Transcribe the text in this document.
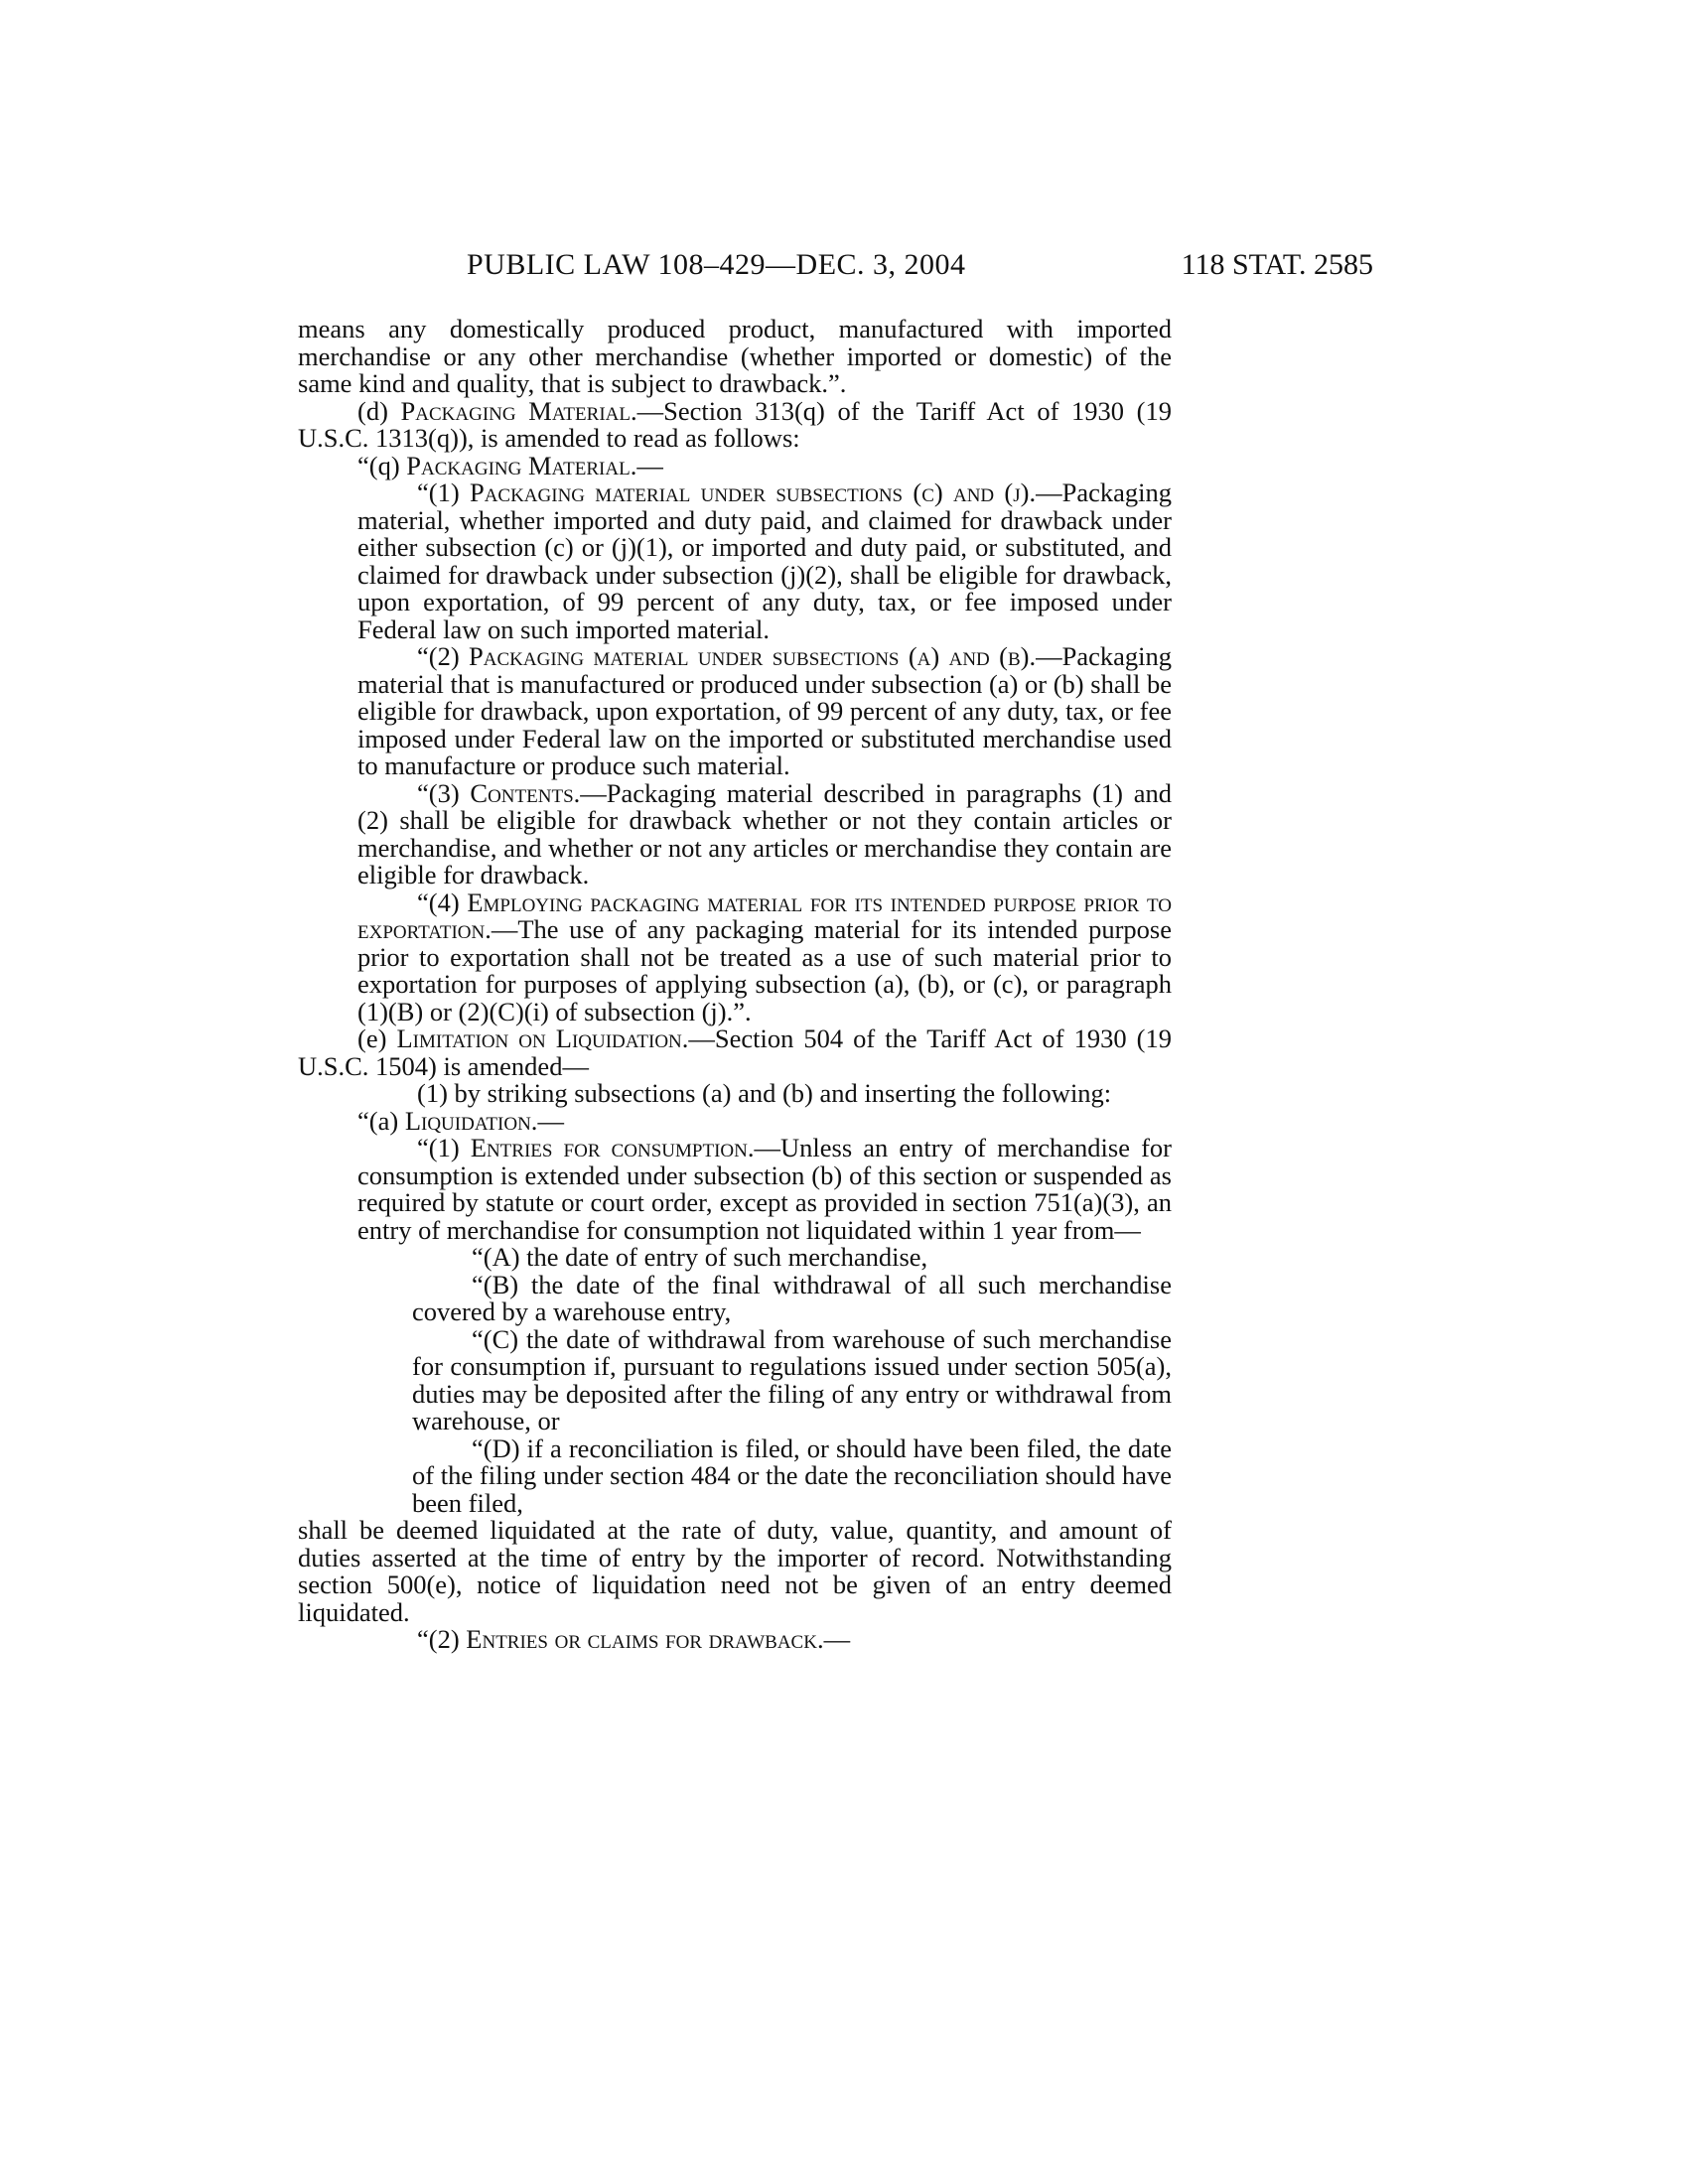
PUBLIC LAW 108–429—DEC. 3, 2004	118 STAT. 2585

means any domestically produced product, manufactured with imported merchandise or any other merchandise (whether imported or domestic) of the same kind and quality, that is subject to drawback.”.

(d) Packaging Material.—Section 313(q) of the Tariff Act of 1930 (19 U.S.C. 1313(q)), is amended to read as follows:

“(q) Packaging Material.—

“(1) Packaging material under subsections (c) and (j).—Packaging material, whether imported and duty paid, and claimed for drawback under either subsection (c) or (j)(1), or imported and duty paid, or substituted, and claimed for drawback under subsection (j)(2), shall be eligible for drawback, upon exportation, of 99 percent of any duty, tax, or fee imposed under Federal law on such imported material.

“(2) Packaging material under subsections (a) and (b).—Packaging material that is manufactured or produced under subsection (a) or (b) shall be eligible for drawback, upon exportation, of 99 percent of any duty, tax, or fee imposed under Federal law on the imported or substituted merchandise used to manufacture or produce such material.

“(3) Contents.—Packaging material described in paragraphs (1) and (2) shall be eligible for drawback whether or not they contain articles or merchandise, and whether or not any articles or merchandise they contain are eligible for drawback.

“(4) Employing packaging material for its intended purpose prior to exportation.—The use of any packaging material for its intended purpose prior to exportation shall not be treated as a use of such material prior to exportation for purposes of applying subsection (a), (b), or (c), or paragraph (1)(B) or (2)(C)(i) of subsection (j).”.

(e) Limitation on Liquidation.—Section 504 of the Tariff Act of 1930 (19 U.S.C. 1504) is amended—

(1) by striking subsections (a) and (b) and inserting the following:

“(a) Liquidation.—

“(1) Entries for consumption.—Unless an entry of merchandise for consumption is extended under subsection (b) of this section or suspended as required by statute or court order, except as provided in section 751(a)(3), an entry of merchandise for consumption not liquidated within 1 year from—

“(A) the date of entry of such merchandise,

“(B) the date of the final withdrawal of all such merchandise covered by a warehouse entry,

“(C) the date of withdrawal from warehouse of such merchandise for consumption if, pursuant to regulations issued under section 505(a), duties may be deposited after the filing of any entry or withdrawal from warehouse, or

“(D) if a reconciliation is filed, or should have been filed, the date of the filing under section 484 or the date the reconciliation should have been filed,

shall be deemed liquidated at the rate of duty, value, quantity, and amount of duties asserted at the time of entry by the importer of record. Notwithstanding section 500(e), notice of liquidation need not be given of an entry deemed liquidated.

“(2) Entries or claims for drawback.—
